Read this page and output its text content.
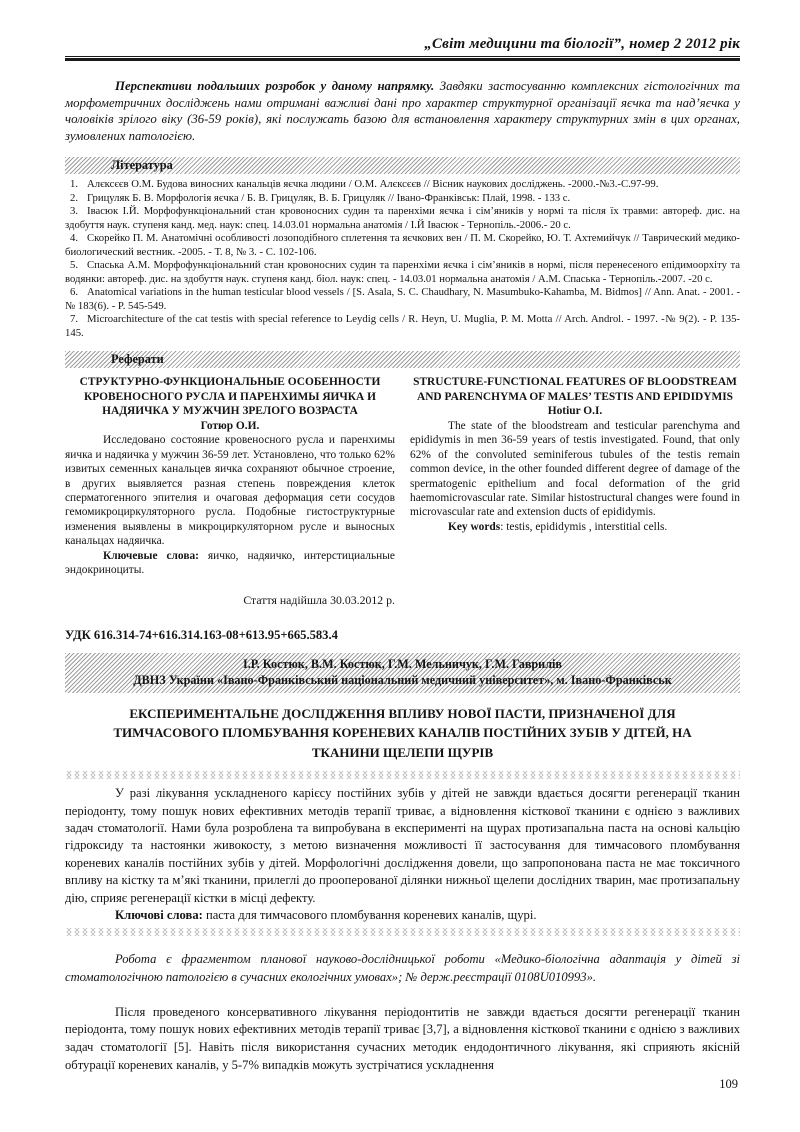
„Світ медицини та біології”, номер 2 2012 рік

Перспективи подальших розробок у даному напрямку. Завдяки застосуванню комплексних гістологічних та морфометричних досліджень нами отримані важливі дані про характер структурної організації яєчка та над’яєчка у чоловіків зрілого віку (36-59 років), які послужать базою для встановлення характеру структурних змін в цих органах, зумовлених патологією.

Література
1. Алєксєєв О.М. Будова виносних канальців яєчка людини / О.М. Алєксєєв // Вісник наукових досліджень. -2000.-№3.-С.97-99.
2. Грицуляк Б. В. Морфологія яєчка / Б. В. Грицуляк, В. Б. Грицуляк // Івано-Франківськ: Плай, 1998. - 133 с.
3. Івасюк І.Й. Морфофункціональний стан кровоносних судин та паренхіми яєчка і сім’яників у нормі та після їх травми: автореф. дис. на здобуття наук. ступеня канд. мед. наук: спец. 14.03.01 нормальна анатомія / І.Й Івасюк - Тернопіль.-2006.- 20 с.
4. Скорейко П. М. Анатомічні особливості лозоподібного сплетення та яєчкових вен / П. М. Скорейко, Ю. Т. Ахтемийчук // Таврический медико-биологический вестник. -2005. - Т. 8, № 3. - С. 102-106.
5. Спаська А.М. Морфофункціональний стан кровоносних судин та паренхіми яєчка і сім’яників в нормі, після перенесеного епідимоорхіту та водянки: автореф. дис. на здобуття наук. ступеня канд. біол. наук: спец. - 14.03.01 нормальна анатомія / А.М. Спаська - Тернопіль.-2007. -20 с.
6. Anatomical variations in the human testicular blood vessels / [S. Asala, S. C. Chaudhary, N. Masumbuko-Kahamba, M. Bidmos] // Ann. Anat. - 2001. - № 183(6). - P. 545-549.
7. Microarchitecture of the cat testis with special reference to Leydig cells / R. Heyn, U. Muglia, P. M. Motta // Arch. Androl. - 1997. -№ 9(2). - P. 135-145.
Реферати
СТРУКТУРНО-ФУНКЦИОНАЛЬНЫЕ ОСОБЕННОСТИ КРОВЕНОСНОГО РУСЛА И ПАРЕНХИМЫ ЯИЧКА И НАДЯИЧКА У МУЖЧИН ЗРЕЛОГО ВОЗРАСТА
Готюр О.И.
Исследовано состояние кровеносного русла и паренхимы яичка и надяичка у мужчин 36-59 лет. Установлено, что только 62% извитых семенных канальцев яичка сохраняют обычное строение, в других выявляется разная степень повреждения клеток сперматогенного эпителия и очаговая деформация сети сосудов гемомикроциркуляторного русла. Подобные гистоструктурные изменения выявлены в микроциркуляторном русле и выносных канальцах надяичка.
Ключевые слова: яичко, надяичко, интерстициальные эндокриноциты.
Стаття надійшла 30.03.2012 р.
STRUCTURE-FUNCTIONAL FEATURES OF BLOODSTREAM AND PARENCHYMA OF MALES’ TESTIS AND EPIDIDYMIS
Hotiur O.I.
The state of the bloodstream and testicular parenchyma and epididymis in men 36-59 years of testis investigated. Found, that only 62% of the convoluted seminiferous tubules of the testis remain common device, in the other founded different degree of damage of the spermatogenic epithelium and focal deformation of the grid haemomicrovascular rate. Similar histostructural changes were found in microvascular rate and extension ducts of epididymis.
Key words: testis, epididymis , interstitial cells.
УДК 616.314-74+616.314.163-08+613.95+665.583.4
І.Р. Костюк, В.М. Костюк, Г.М. Мельничук, Г.М. Гаврилів
ДВНЗ України «Івано-Франківський національний медичний університет», м. Івано-Франківськ
ЕКСПЕРИМЕНТАЛЬНЕ ДОСЛІДЖЕННЯ ВПЛИВУ НОВОЇ ПАСТИ, ПРИЗНАЧЕНОЇ ДЛЯ ТИМЧАСОВОГО ПЛОМБУВАННЯ КОРЕНЕВИХ КАНАЛІВ ПОСТІЙНИХ ЗУБІВ У ДІТЕЙ, НА ТКАНИНИ ЩЕЛЕПИ ЩУРІВ

У разі лікування ускладненого карієсу постійних зубів у дітей не завжди вдається досягти регенерації тканин періодонту, тому пошук нових ефективних методів терапії триває, а відновлення кісткової тканини є однією з важливих задач стоматології. Нами була розроблена та випробувана в експерименті на щурах протизапальна паста на основі кальцію гідроксиду та настоянки живокосту, з метою визначення можливості її застосування для тимчасового пломбування кореневих каналів постійних зубів у дітей. Морфологічні дослідження довели, що запропонована паста не має токсичного впливу на кістку та м’які тканини, прилеглі до прооперованої ділянки нижньої щелепи дослідних тварин, має протизапальну дію, сприяє регенерації кістки в місці дефекту.

Ключові слова: паста для тимчасового пломбування кореневих каналів, щурі.

Робота є фрагментом планової науково-дослідницької роботи «Медико-біологічна адаптація у дітей зі стоматологічною патологією в сучасних екологічних умовах»; № держ.реєстрації 0108U010993».

Після проведеного консервативного лікування періодонтитів не завжди вдається досягти регенерації тканин періодонта, тому пошук нових ефективних методів терапії триває [3,7], а відновлення кісткової тканини є однією з важливих задач стоматології [5]. Навіть після використання сучасних методик ендодонтичного лікування, які сприяють якісній обтурації кореневих каналів, у 5-7% випадків можуть зустрічатися ускладнення

109
